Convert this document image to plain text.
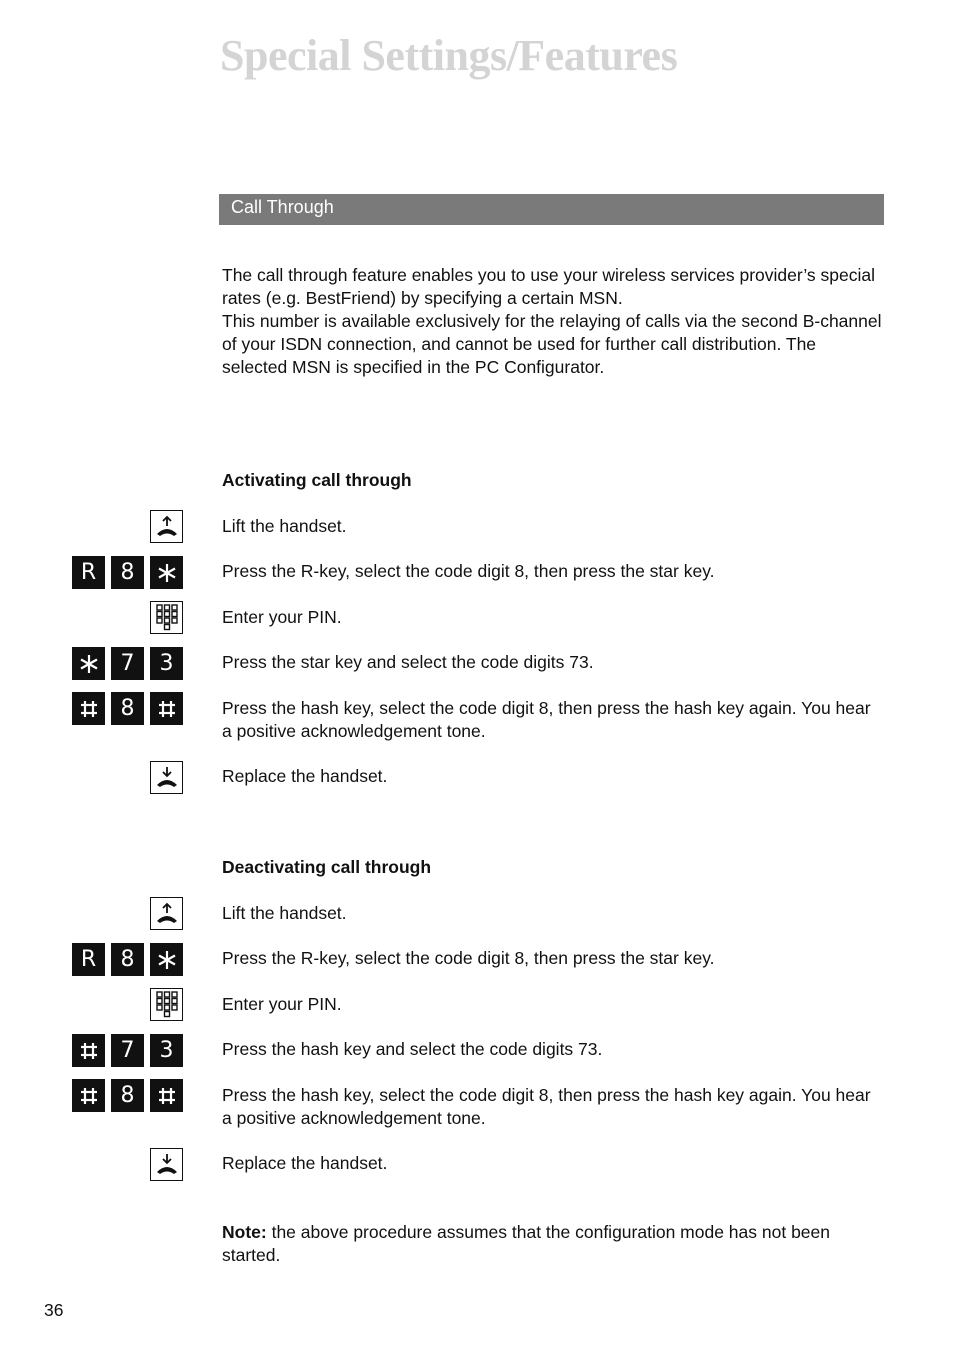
Special Settings/Features
Call Through

The call through feature enables you to use your wireless services provider’s special rates (e.g. BestFriend) by specifying a certain MSN.

This number is available exclusively for the relaying of calls via the second B-channel of your ISDN connection, and cannot be used for further call distribution. The selected MSN is specified in the PC Configurator.

Activating call through

Lift the handset.

R	8	Press the R-key, select the code digit 8, then press the star key.

Enter your PIN.

7	3	Press the star key and select the code digits 73.

8	Press the hash key, select the code digit 8, then press the hash key again. You hear a positive acknowledgement tone.

Replace the handset.

Deactivating call through

Lift the handset.

R	8	Press the R-key, select the code digit 8, then press the star key.

Enter your PIN.

7	3	Press the hash key and select the code digits 73.

8	Press the hash key, select the code digit 8, then press the hash key again. You hear a positive acknowledgement tone.

Replace the handset.

Note: the above procedure assumes that the configuration mode has not been started.

36
